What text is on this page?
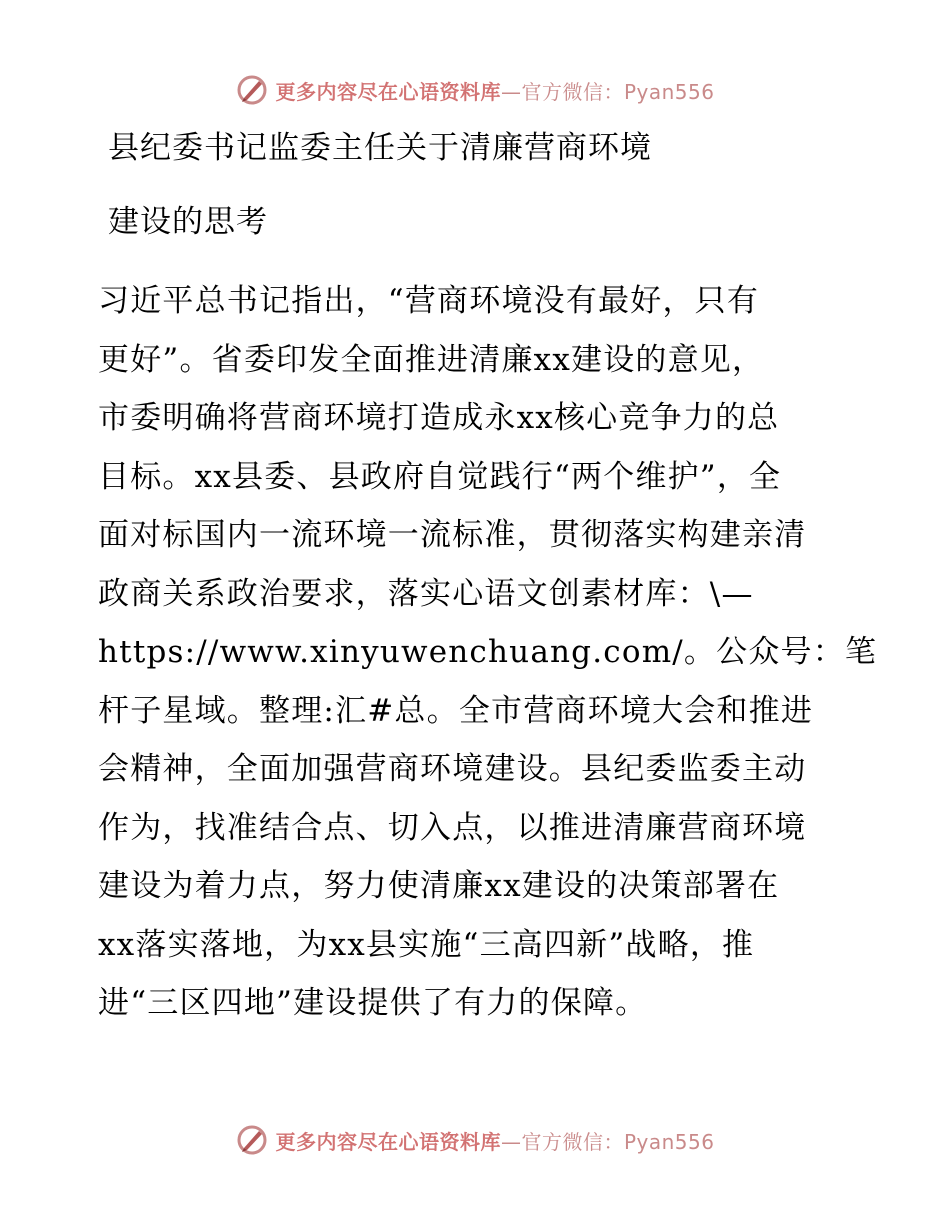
更多内容尽在心语资料库—官方微信：Pyan556
县纪委书记监委主任关于清廉营商环境
建设的思考
习近平总书记指出，“营商环境没有最好，只有
更好”。省委印发全面推进清廉xx建设的意见，
市委明确将营商环境打造成永xx核心竞争力的总
目标。xx县委、县政府自觉践行“两个维护”，全
面对标国内一流环境一流标准，贯彻落实构建亲清
政商关系政治要求，落实心语文创素材库：\—
https://www.xinyuwenchuang.com/。公众号：笔
杆子星域。整理:汇#总。全市营商环境大会和推进
会精神，全面加强营商环境建设。县纪委监委主动
作为，找准结合点、切入点，以推进清廉营商环境
建设为着力点，努力使清廉xx建设的决策部署在
xx落实落地，为xx县实施“三高四新”战略，推
进“三区四地”建设提供了有力的保障。
更多内容尽在心语资料库—官方微信：Pyan556
